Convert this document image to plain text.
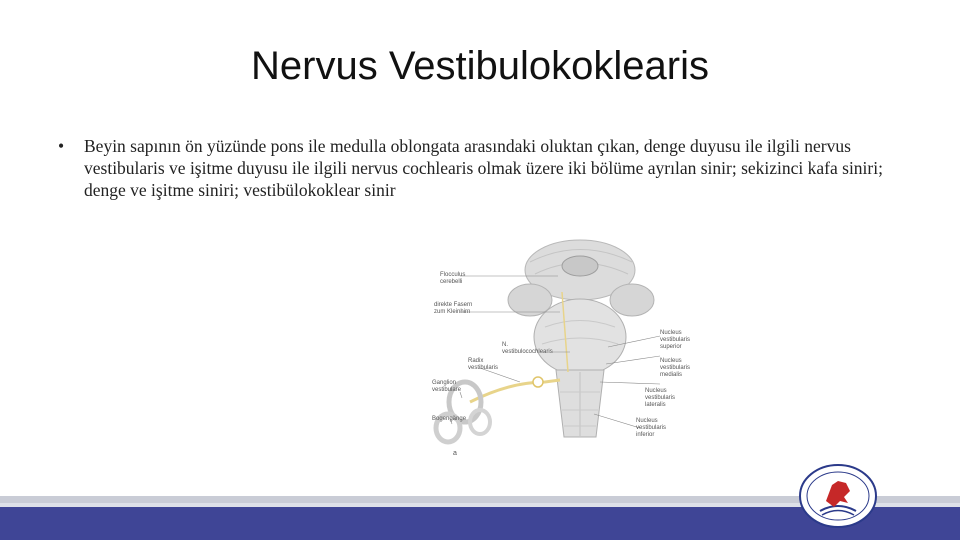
Nervus Vestibulokoklearis
•	Beyin sapının ön yüzünde pons ile medulla oblongata arasındaki oluktan çıkan, denge duyusu ile ilgili nervus vestibularis ve işitme duyusu ile ilgili nervus cochlearis olmak üzere iki bölüme ayrılan sinir; sekizinci kafa siniri; denge ve işitme siniri; vestibülokoklear sinir
Flocculus cerebelli
direkte Fasern zum Kleinhirn
N. vestibulocochlearis
Radix vestibularis
Ganglion vestibulare
Bogengänge
Nucleus vestibularis superior
Nucleus vestibularis medialis
Nucleus vestibularis lateralis
Nucleus vestibularis inferior
a
